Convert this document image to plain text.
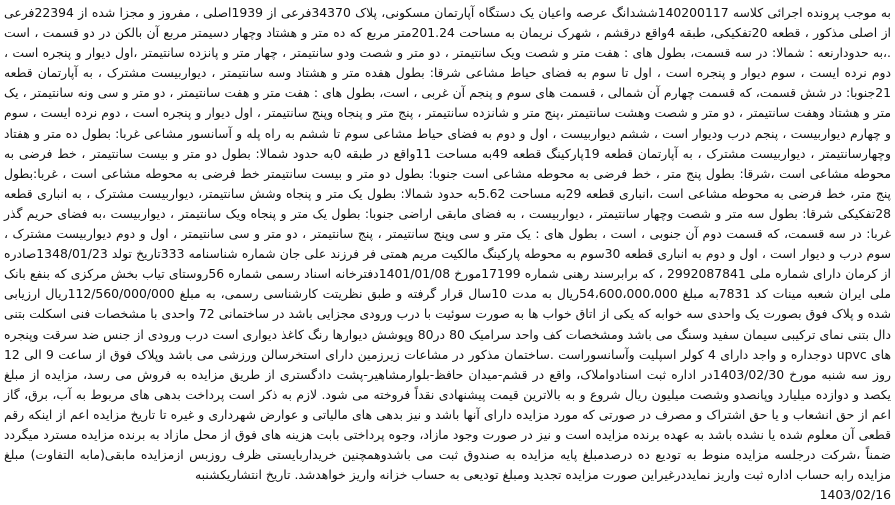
به موجب پرونده اجرائی کلاسه 140200117ششدانگ عرصه واعیان یک دستگاه آپارتمان مسکونی، پلاک 34370فرعی از 1939اصلی ، مفروز و مجزا شده از 22394فرعی از اصلی مذکور ، قطعه 20تفکیکی، طبقه 4واقع درقشم ، شهرک نریمان به مساحت 201.24متر مربع که ده متر و هشتاد وچهار دسیمتر مربع آن بالکن در دو قسمت ، است .،به حدودارنعه : شمالا: در سه قسمت، بطول های : هفت متر و شصت ویک سانتیمتر ، دو متر و شصت ودو سانتیمتر ، چهار متر و پانزده سانتیمتر ،اول دیوار و پنجره است ، دوم نرده ایست ، سوم دیوار و پنجره است ، اول تا سوم به فضای حیاط مشاعی شرقا: بطول هفده متر و هشتاد وسه سانتیمتر ، دیواربیست مشترک ، به آپارتمان قطعه 21جنوبا: در شش قسمت، که قسمت چهارم آن شمالی ، قسمت های سوم و پنجم آن غربی ، است، بطول های : هفت متر و هفت سانتیمتر ، دو متر و سی ونه سانتیمتر ، یک متر و هشتاد وهفت سانتیمتر ، دو متر و شصت وهشت سانتیمتر ،پنج متر و شانزده سانتیمتر ، پنج متر و پنجاه وپنج سانتیمتر ، اول دیوار و پنجره است ، دوم نرده ایست ، سوم و چهارم دیواربیست ، پنجم درب ودیوار است ، ششم دیواربیست ، اول و دوم به فضای حیاط مشاعی سوم تا ششم به راه پله و آسانسور مشاعی غربا: بطول ده متر و هفتاد وچهارسانتیمتر ، دیواربیست مشترک ، به آپارتمان قطعه 19پارکینگ قطعه 49به مساحت 11واقع در طبقه 0به حدود شمالا: بطول دو متر و بیست سانتیمتر ، خط فرضی به محوطه مشاعی است ،شرقا: بطول پنج متر ، خط فرضی به محوطه مشاعی است جنوبا: بطول دو متر و بیست سانتیمتر خط فرضی به محوطه مشاعی است ، غربا:بطول پنج متر، خط فرضی به محوطه مشاعی است ،انباری قطعه 29به مساحت 5.62به حدود شمالا: بطول یک متر و پنجاه وشش سانتیمتر، دیواربیست مشترک ، به انباری قطعه 28تفکیکی شرقا: بطول سه متر و شصت وچهار سانتیمتر ، دیواربیست ، به فضای مابقی اراضی جنوبا: بطول یک متر و پنجاه ویک سانتیمتر ، دیواربیست ،به فضای حریم گذر غربا: در سه قسمت، که قسمت دوم آن جنوبی ، است ، بطول های : یک متر و سی وپنج سانتیمتر ، پنج سانتیمتر ، دو متر و سی سانتیمتر ، اول و دوم دیواربیست مشترک ، سوم درب و دیوار است ، اول و دوم به انباری قطعه 30سوم به محوطه پارکینگ مالکیت مریم همتی فر فرزند علی جان شماره شناسنامه 333تاریخ تولد 1348/01/23صادره از کرمان دارای شماره ملی 2992087841 ، که برابرسند رهنی شماره 17199مورخ 1401/01/08دفترخانه اسناد رسمی شماره 56روستای تیاب بخش مرکزی که بنفع بانک ملی ایران شعبه مینات کد 7831به مبلغ 54،600،000،000ریال به مدت 10سال قرار گرفته و طبق نظریتت کارشناسی رسمی، به مبلغ 112/560/000/000ریال ارزیابی شده و پلاک فوق بصورت یک واحدی سه خوابه که یکی از اتاق خواب ها به صورت سوئیت با درب ورودی مجزایی باشد در ساختمانی 72 واحدی با مشخصات فنی اسکلت بتنی دال بتنی نمای ترکیبی سیمان سفید وسنگ می باشد ومشخصات کف واحد سرامیک 80 در80 وپوشش دیوارها رنگ کاغذ دیواری است درب ورودی از جنس ضد سرقت وپنجره های upvc دوجداره و واجد دارای 4 کولر اسپلیت وآسانسوراست .ساختمان مذکور در مشاعات زیرزمین دارای استخرسالن ورزشی می باشد وپلاک فوق از ساعت 9 الی 12 روز سه شنبه مورخ 1403/02/30در اداره ثبت اسنادواملاک، واقع در قشم-میدان حافظ-بلوارمشاهیر-پشت دادگستری از طریق مزایده به فروش می رسد، مزایده از مبلغ یکصد و دوازده میلیارد وپانصدو وشصت میلیون ریال شروع و به بالاترین قیمت پیشنهادی نقداً فروخته می شود. لازم به ذکر است پرداخت بدهی های مربوط به آب، برق، گاز اعم از حق انشعاب و یا حق اشتراک و مصرف در صورتی که مورد مزایده دارای آنها باشد و نیز بدهی های مالیاتی و عوارض شهرداری و غیره تا تاریخ مزایده اعم از اینکه رقم قطعی آن معلوم شده یا نشده باشد به عهده برنده مزایده است و نیز در صورت وجود مازاد، وجوه پرداختی بابت هزینه های فوق از محل مازاد به برنده مزایده مسترد میگردد ضمناً ،شرکت درجلسه مزایده منوط به تودیع ده درصدمبلغ پایه مزایده به صندوق ثبت می باشدوهمچنین خریداربایستی ظرف روزبس ازمزایده مابقی(مابه التفاوت) مبلغ مزایده رابه حساب اداره ثبت واریز نمایددرغیراین صورت مزایده تجدید ومبلغ تودیعی به حساب خزانه واریز خواهدشد. تاریخ انتشاریکشنبه

1403/02/16
